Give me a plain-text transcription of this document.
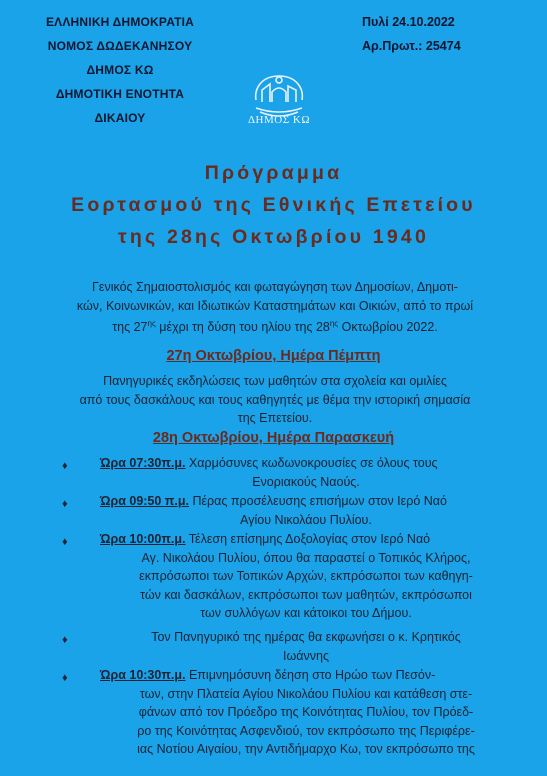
ΕΛΛΗΝΙΚΗ ΔΗΜΟΚΡΑΤΙΑ
ΝΟΜΟΣ ΔΩΔΕΚΑΝΗΣΟΥ
ΔΗΜΟΣ ΚΩ
ΔΗΜΟΤΙΚΗ ΕΝΟΤΗΤΑ
ΔΙΚΑΙΟΥ
Πυλί 24.10.2022
Αρ.Πρωτ.: 25474
ΔΗΜΟΣ ΚΩ
Πρόγραμμα
Εορτασμού της Εθνικής Επετείου
της 28ης Οκτωβρίου 1940
Γενικός Σημαιοστολισμός και φωταγώγηση των Δημοσίων, Δημοτι-
κών, Κοινωνικών, και Ιδιωτικών Καταστημάτων και Οικιών, από το πρωί
της $27^{\eta\varsigma}$ μέχρι τη δύση του ηλίου της $28^{\eta\varsigma}$ Οκτωβρίου 2022.
27η Οκτωβρίου, Ημέρα Πέμπτη
Πανηγυρικές εκδηλώσεις των μαθητών στα σχολεία και ομιλίες
από τους δασκάλους και τους καθηγητές με θέμα την ιστορική σημασία
της Επετείου.
28η Οκτωβρίου, Ημέρα Παρασκευή
♦	Ώρα 07:30π.μ. Χαρμόσυνες κωδωνοκρουσίες σε όλους τους
Ενοριακούς Ναούς.
♦	Ώρα 09:50 π.μ. Πέρας προσέλευσης επισήμων στον Ιερό Ναό
Αγίου Νικολάου Πυλίου.
♦	Ώρα 10:00π.μ. Τέλεση επίσημης Δοξολογίας στον Ιερό Ναό
Αγ. Νικολάου Πυλίου, όπου θα παραστεί ο Τοπικός Κλήρος,
εκπρόσωποι των Τοπικών Αρχών, εκπρόσωποι των καθηγη-
τών και δασκάλων, εκπρόσωποι των μαθητών, εκπρόσωποι
των συλλόγων και κάτοικοι του Δήμου.
♦	Τον Πανηγυρικό της ημέρας θα εκφωνήσει ο κ. Κρητικός
Ιωάννης
♦	Ώρα 10:30π.μ. Επιμνημόσυνη δέηση στο Ηρώο των Πεσόν-
των, στην Πλατεία Αγίου Νικολάου Πυλίου και κατάθεση στε-
φάνων από τον Πρόεδρο της Κοινότητας Πυλίου, τον Πρόεδ-
ρο της Κοινότητας Ασφενδιού, τον εκπρόσωπο της Περιφέρε-
ιας Νοτίου Αιγαίου, την Αντιδήμαρχο Κω, τον εκπρόσωπο της
